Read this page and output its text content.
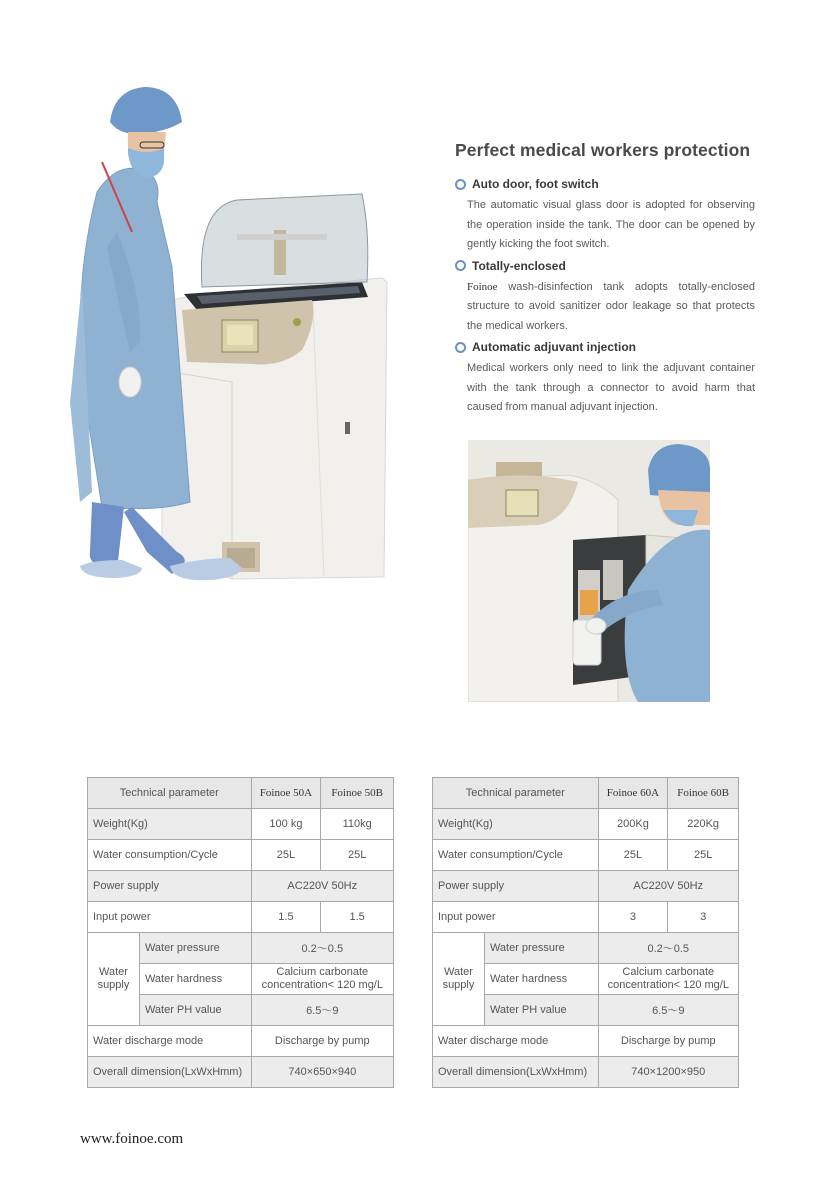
Perfect medical workers protection
Auto door, foot switch

The automatic visual glass door is adopted for observing the operation inside the tank. The door can be opened by gently kicking the foot switch.

Totally-enclosed

Foinoe wash-disinfection tank adopts totally-enclosed structure to avoid sanitizer odor leakage so that protects the medical workers.

Automatic adjuvant injection

Medical workers only need to link the adjuvant container with the tank through a connector to avoid harm that caused from manual adjuvant injection.

Technical parameter		Foinoe 50A	Foinoe 50B
Weight(Kg)		100 kg	110kg
Water consumption/Cycle		25L	25L
Power supply		AC220V 50Hz	
Input power		1.5	1.5
Water supply	Water pressure	0.2～0.5	
	Water hardness	Calcium carbonate concentration< 120 mg/L	
	Water PH value	6.5～9	
Water discharge mode		Discharge by pump	
Overall dimension(LxWxHmm)		740×650×940	
Technical parameter		Foinoe 60A	Foinoe 60B
Weight(Kg)		200Kg	220Kg
Water consumption/Cycle		25L	25L
Power supply		AC220V 50Hz	
Input power		3	3
Water supply	Water pressure	0.2～0.5	
	Water hardness	Calcium carbonate concentration< 120 mg/L	
	Water PH value	6.5～9	
Water discharge mode		Discharge by pump	
Overall dimension(LxWxHmm)		740×1200×950	
www.foinoe.com
